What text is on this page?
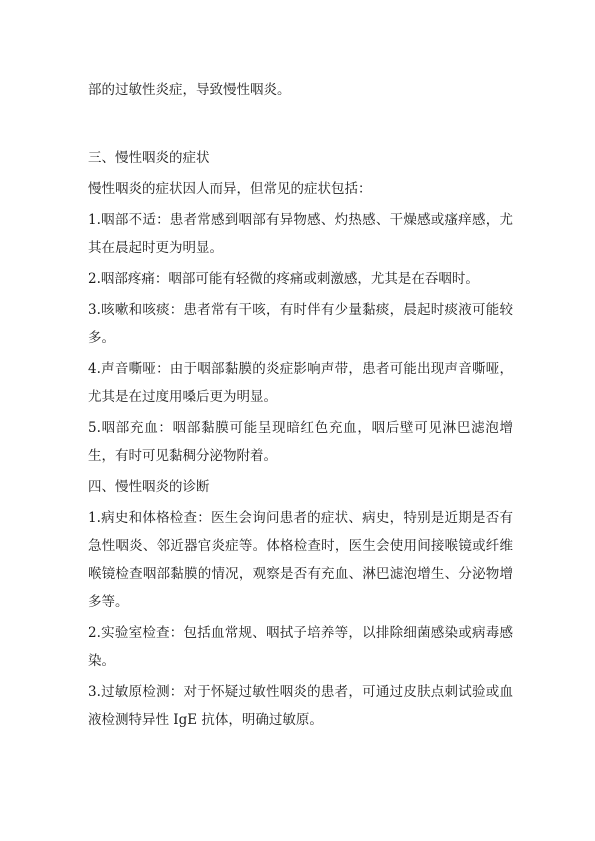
部的过敏性炎症，导致慢性咽炎。

三、慢性咽炎的症状

慢性咽炎的症状因人而异，但常见的症状包括：

1.咽部不适：患者常感到咽部有异物感、灼热感、干燥感或瘙痒感，尤其在晨起时更为明显。

2.咽部疼痛：咽部可能有轻微的疼痛或刺激感，尤其是在吞咽时。

3.咳嗽和咳痰：患者常有干咳，有时伴有少量黏痰，晨起时痰液可能较多。

4.声音嘶哑：由于咽部黏膜的炎症影响声带，患者可能出现声音嘶哑，尤其是在过度用嗓后更为明显。

5.咽部充血：咽部黏膜可能呈现暗红色充血，咽后壁可见淋巴滤泡增生，有时可见黏稠分泌物附着。

四、慢性咽炎的诊断

1.病史和体格检查：医生会询问患者的症状、病史，特别是近期是否有急性咽炎、邻近器官炎症等。体格检查时，医生会使用间接喉镜或纤维喉镜检查咽部黏膜的情况，观察是否有充血、淋巴滤泡增生、分泌物增多等。

2.实验室检查：包括血常规、咽拭子培养等，以排除细菌感染或病毒感染。

3.过敏原检测：对于怀疑过敏性咽炎的患者，可通过皮肤点刺试验或血液检测特异性 IgE 抗体，明确过敏原。
